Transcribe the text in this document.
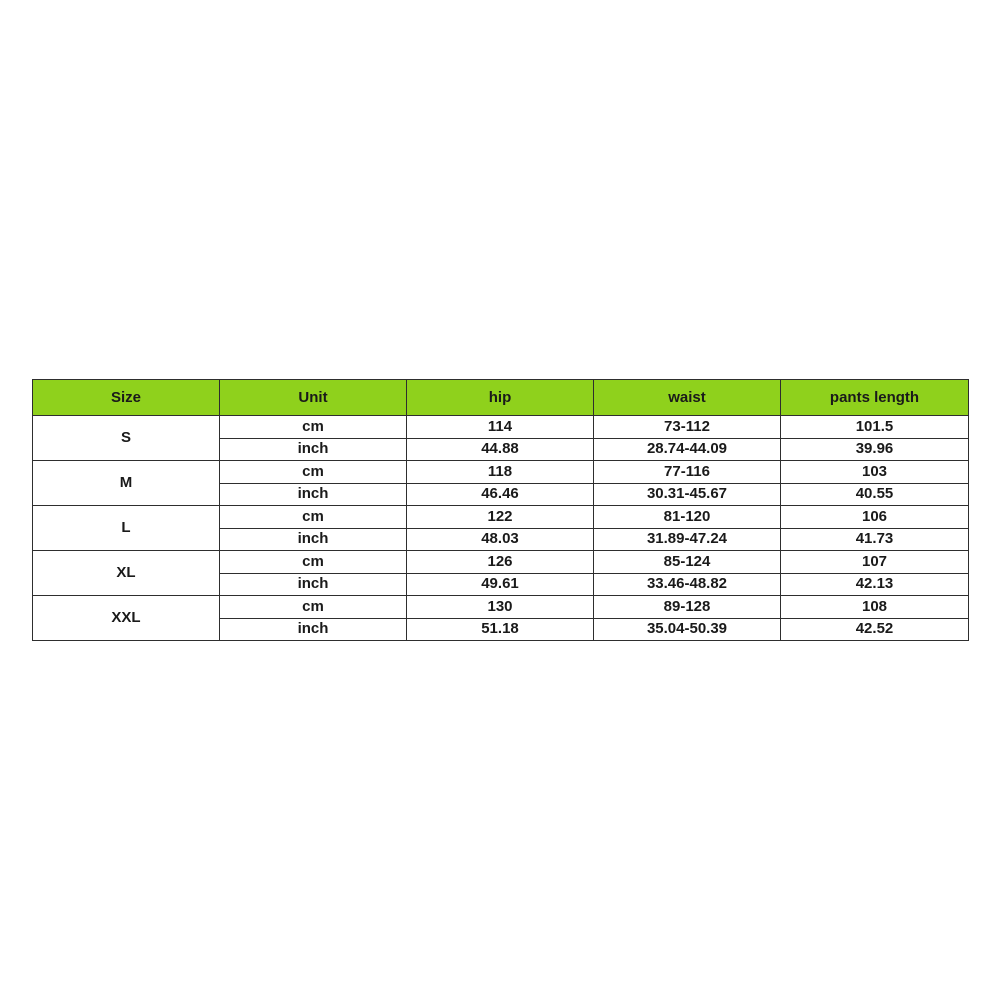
Size	Unit	hip	waist	pants length
S	cm	114	73-112	101.5
	inch	44.88	28.74-44.09	39.96
M	cm	118	77-116	103
	inch	46.46	30.31-45.67	40.55
L	cm	122	81-120	106
	inch	48.03	31.89-47.24	41.73
XL	cm	126	85-124	107
	inch	49.61	33.46-48.82	42.13
XXL	cm	130	89-128	108
	inch	51.18	35.04-50.39	42.52
